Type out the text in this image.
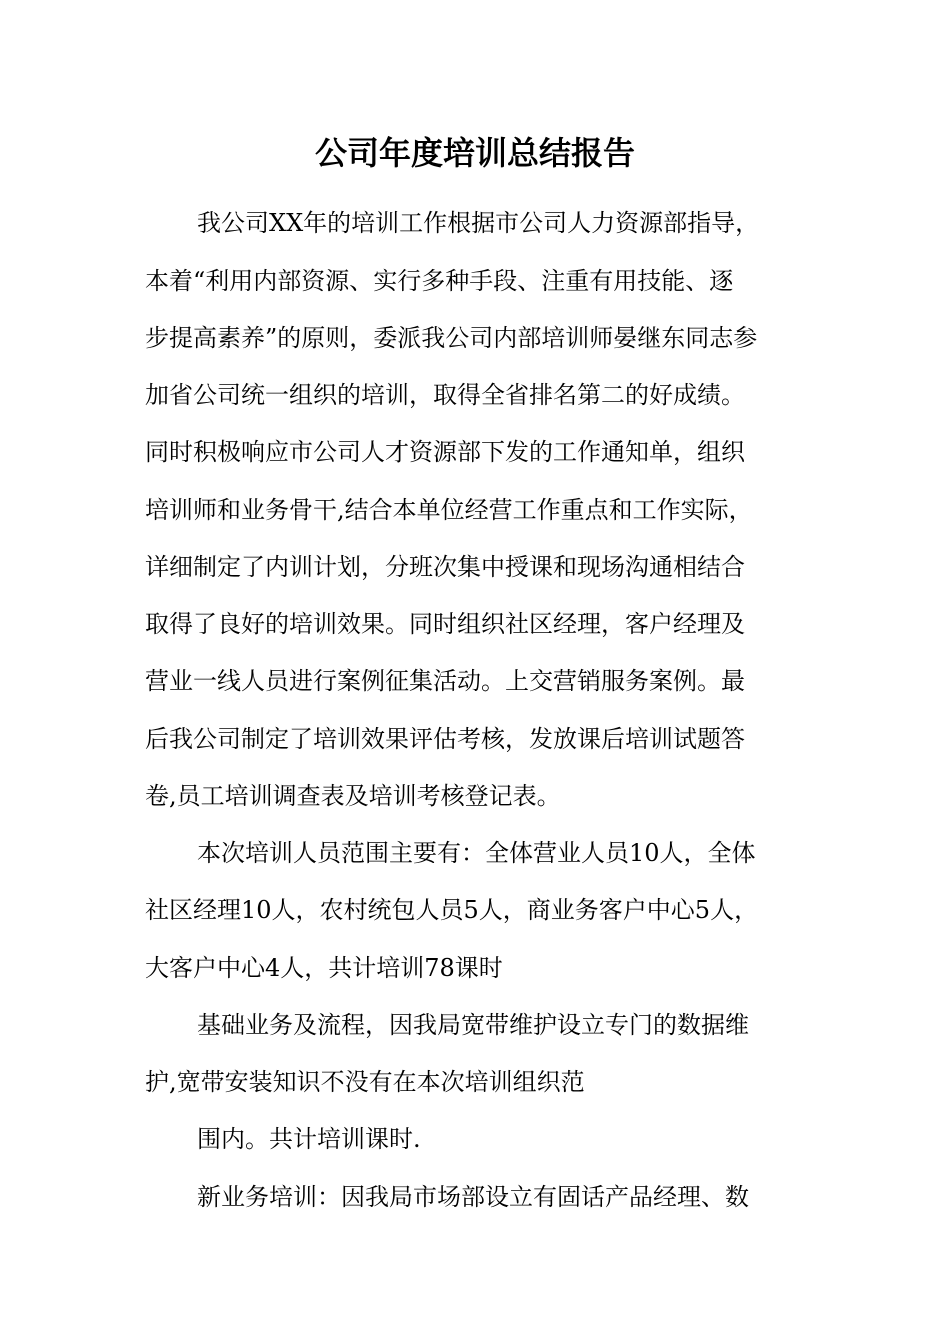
公司年度培训总结报告
我公司XX年的培训工作根据市公司人力资源部指导，
本着“利用内部资源、实行多种手段、注重有用技能、逐
步提高素养”的原则，委派我公司内部培训师晏继东同志参
加省公司统一组织的培训，取得全省排名第二的好成绩。
同时积极响应市公司人才资源部下发的工作通知单，组织
培训师和业务骨干,结合本单位经营工作重点和工作实际，
详细制定了内训计划，分班次集中授课和现场沟通相结合
取得了良好的培训效果。同时组织社区经理，客户经理及
营业一线人员进行案例征集活动。上交营销服务案例。最
后我公司制定了培训效果评估考核，发放课后培训试题答
卷,员工培训调查表及培训考核登记表。
本次培训人员范围主要有：全体营业人员10人，全体
社区经理10人，农村统包人员5人，商业务客户中心5人，
大客户中心4人，共计培训78课时
基础业务及流程，因我局宽带维护设立专门的数据维
护,宽带安装知识不没有在本次培训组织范
围内。共计培训课时.
新业务培训：因我局市场部设立有固话产品经理、数
